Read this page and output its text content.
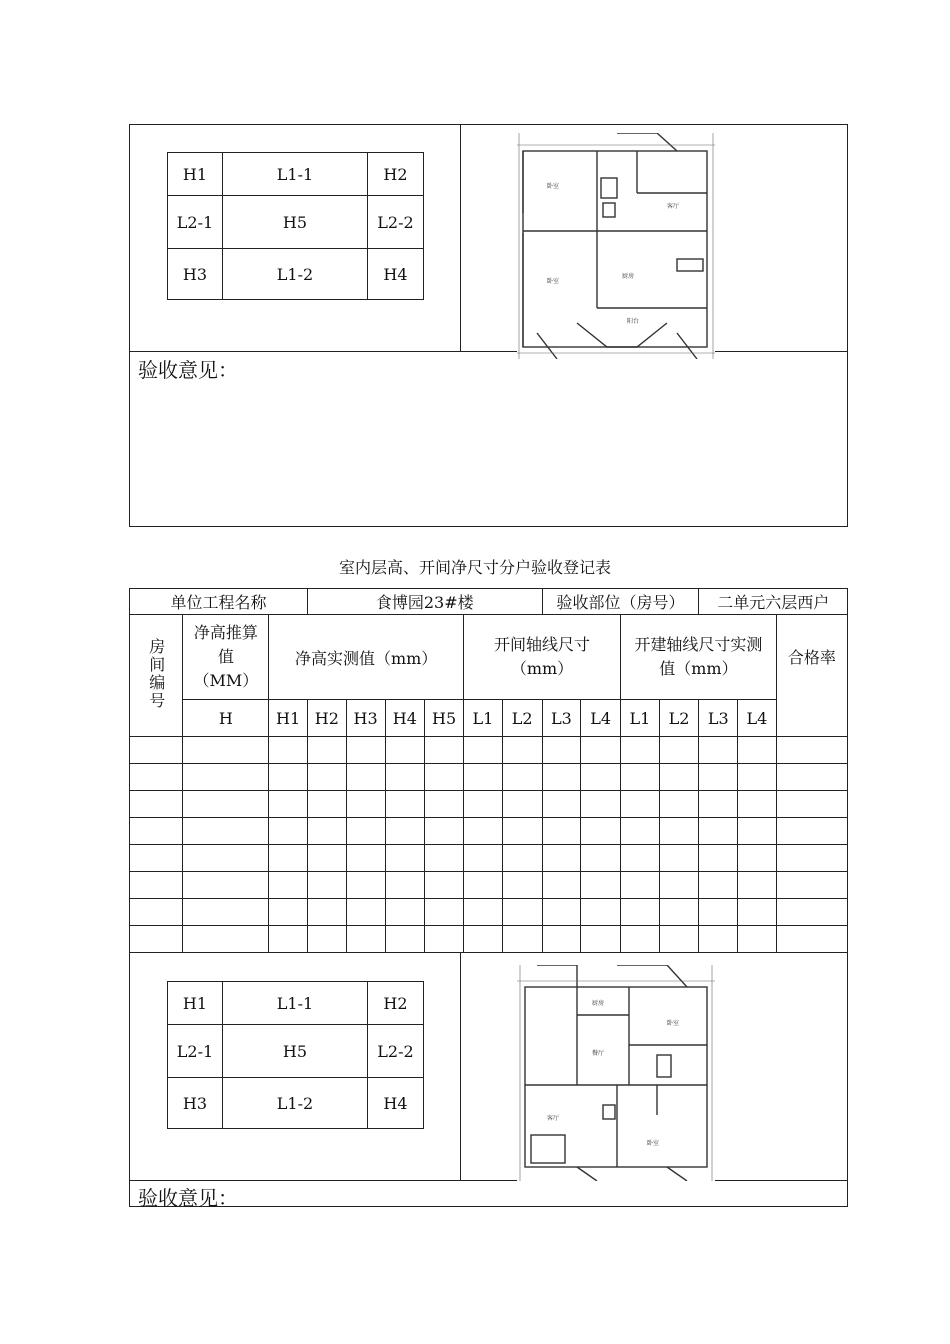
H1	L1-1	H2
L2-1	H5	L2-2
H3	L1-2	H4
卧室
客厅
卧室
厨房
阳台
验收意见：
室内层高、开间净尺寸分户验收登记表
单位工程名称			食博园23#楼						验收部位（房号）				二单元六层西户		
房间编号	净高推算值（MM）	净高实测值（mm）					开间轴线尺寸（mm）				开建轴线尺寸实测值（mm）				合格率
	H	H1	H2	H3	H4	H5	L1	L2	L3	L4	L1	L2	L3	L4	

H1	L1-1	H2
L2-1	H5	L2-2
H3	L1-2	H4
厨房
餐厅
卧室
客厅
卧室
验收意见：
